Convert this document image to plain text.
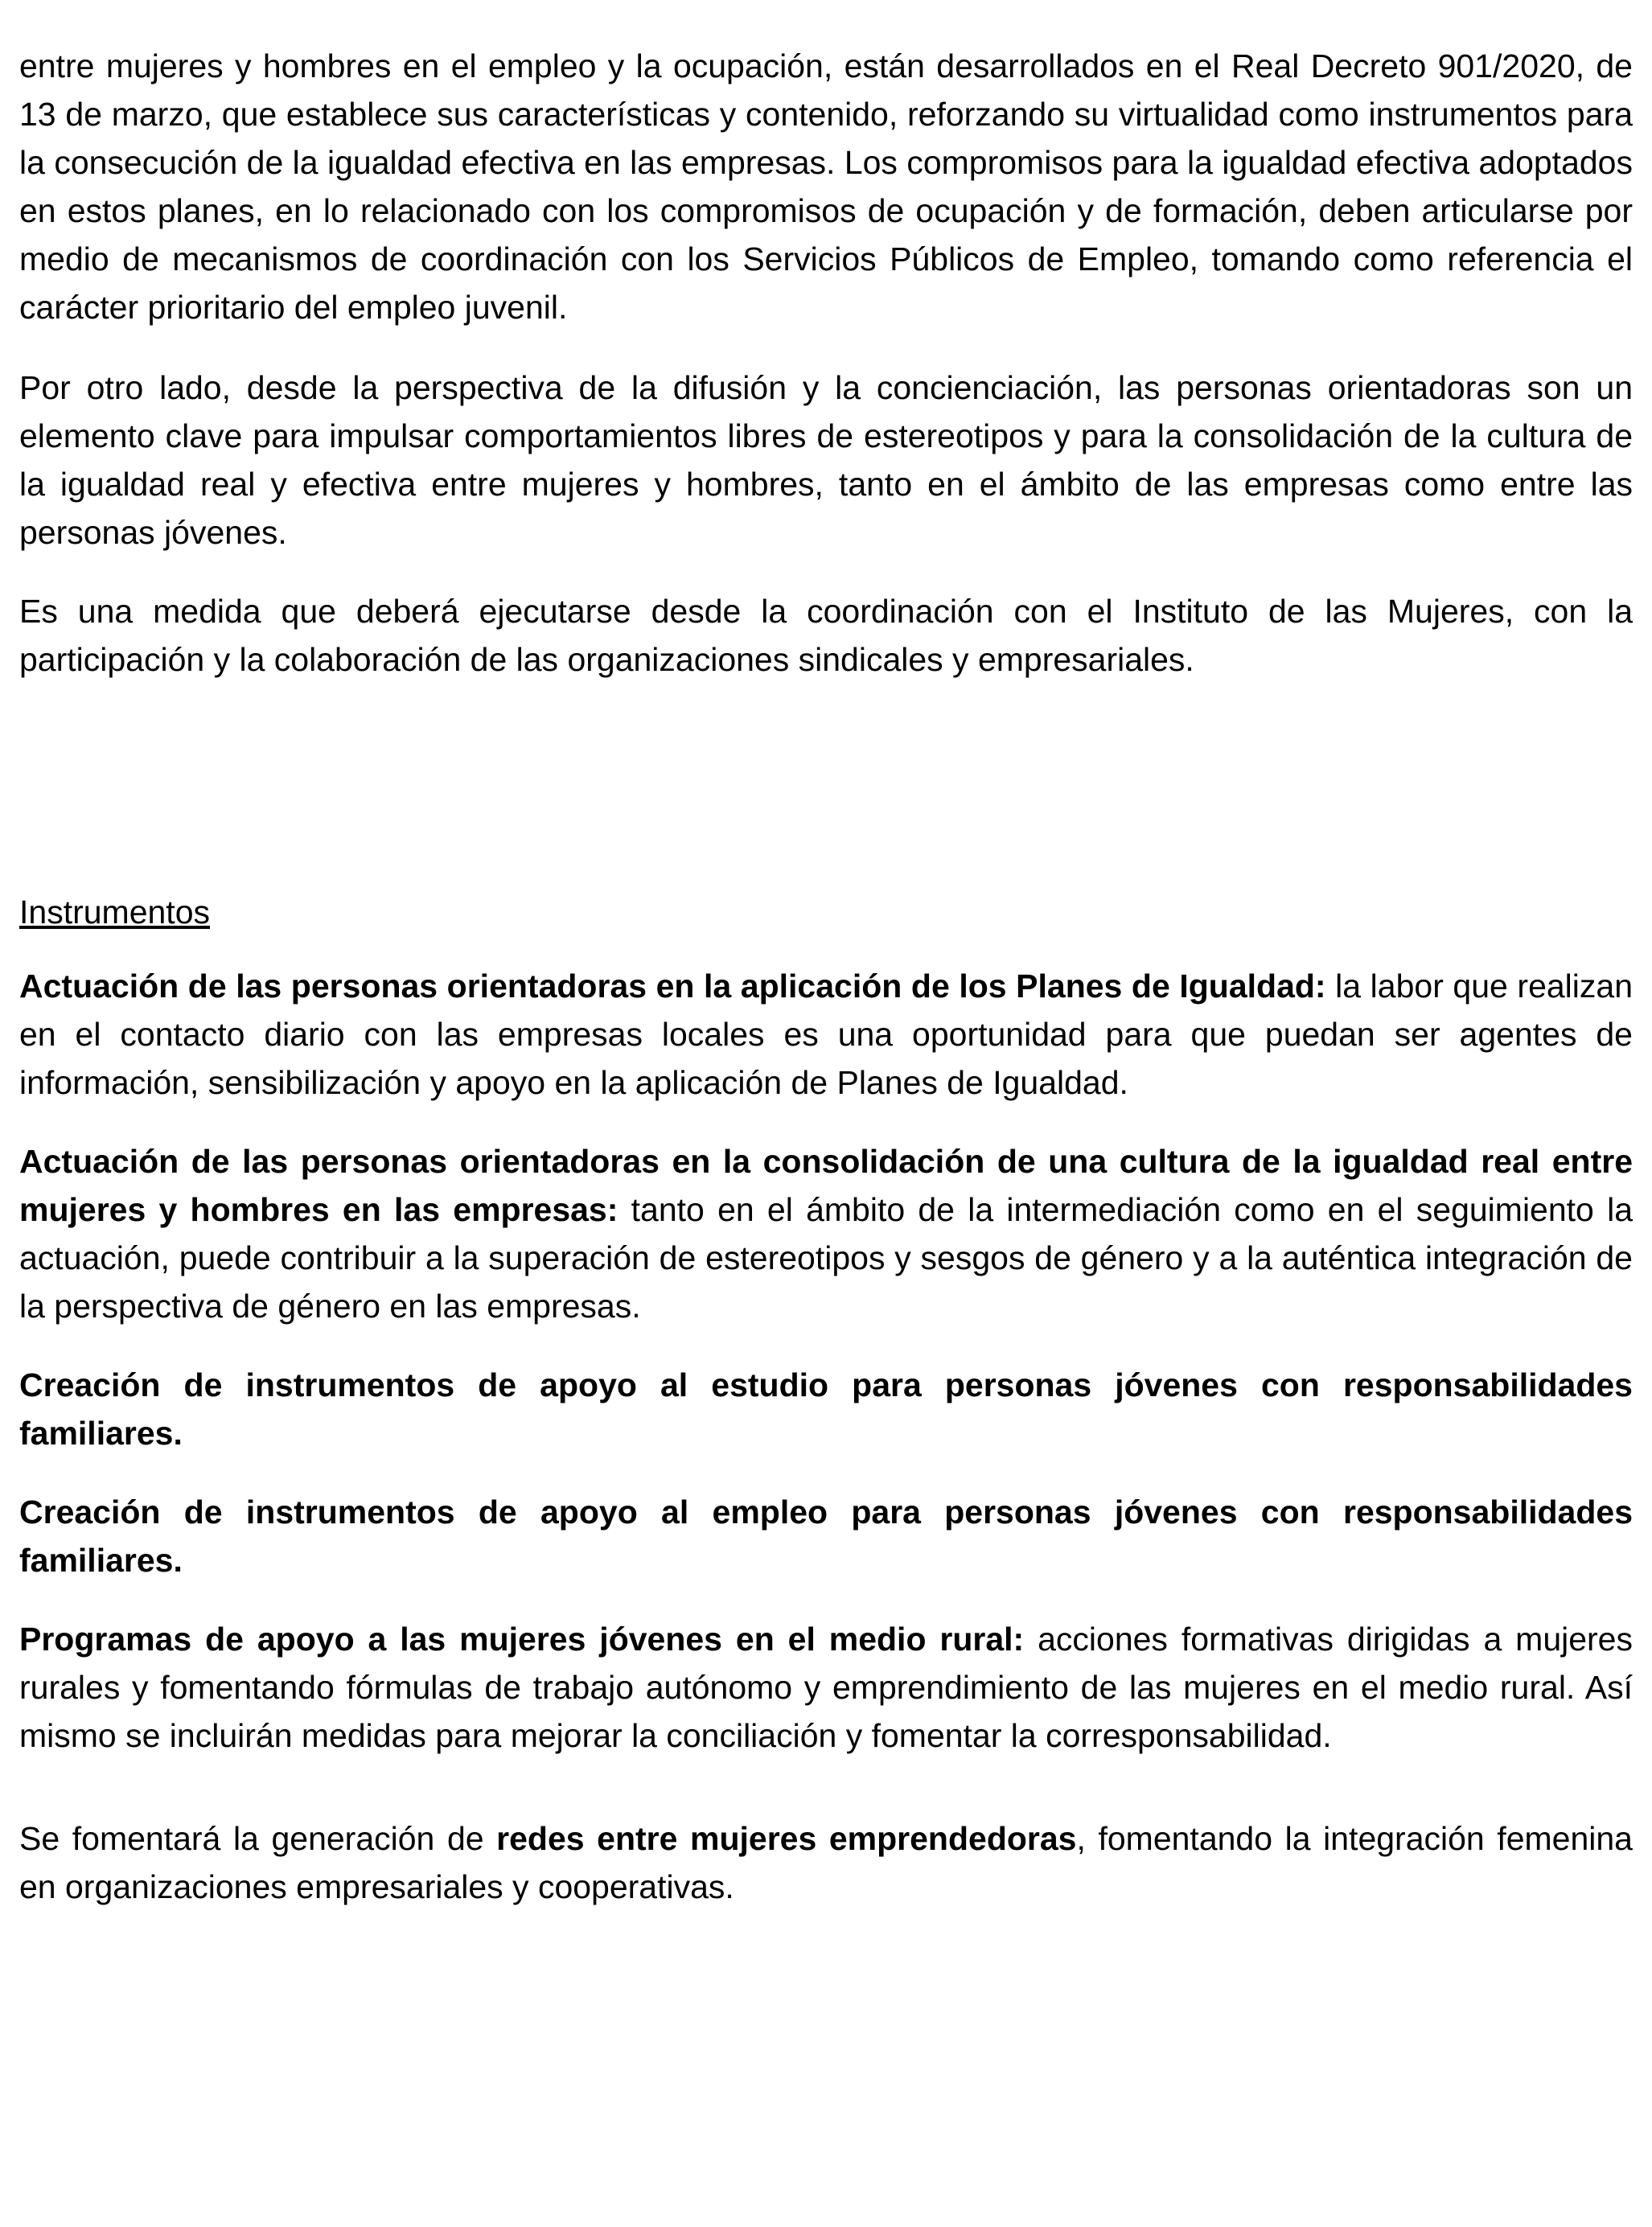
entre mujeres y hombres en el empleo y la ocupación, están desarrollados en el Real Decreto 901/2020, de 13 de marzo, que establece sus características y contenido, reforzando su virtualidad como instrumentos para la consecución de la igualdad efectiva en las empresas. Los compromisos para la igualdad efectiva adoptados en estos planes, en lo relacionado con los compromisos de ocupación y de formación, deben articularse por medio de mecanismos de coordinación con los Servicios Públicos de Empleo, tomando como referencia el carácter prioritario del empleo juvenil.

Por otro lado, desde la perspectiva de la difusión y la concienciación, las personas orientadoras son un elemento clave para impulsar comportamientos libres de estereotipos y para la consolidación de la cultura de la igualdad real y efectiva entre mujeres y hombres, tanto en el ámbito de las empresas como entre las personas jóvenes.

Es una medida que deberá ejecutarse desde la coordinación con el Instituto de las Mujeres, con la participación y la colaboración de las organizaciones sindicales y empresariales.

Instrumentos

Actuación de las personas orientadoras en la aplicación de los Planes de Igualdad: la labor que realizan en el contacto diario con las empresas locales es una oportunidad para que puedan ser agentes de información, sensibilización y apoyo en la aplicación de Planes de Igualdad.

Actuación de las personas orientadoras en la consolidación de una cultura de la igualdad real entre mujeres y hombres en las empresas: tanto en el ámbito de la intermediación como en el seguimiento la actuación, puede contribuir a la superación de estereotipos y sesgos de género y a la auténtica integración de la perspectiva de género en las empresas.

Creación de instrumentos de apoyo al estudio para personas jóvenes con responsabilidades familiares.

Creación de instrumentos de apoyo al empleo para personas jóvenes con responsabilidades familiares.

Programas de apoyo a las mujeres jóvenes en el medio rural: acciones formativas dirigidas a mujeres rurales y fomentando fórmulas de trabajo autónomo y emprendimiento de las mujeres en el medio rural. Así mismo se incluirán medidas para mejorar la conciliación y fomentar la corresponsabilidad.

Se fomentará la generación de redes entre mujeres emprendedoras, fomentando la integración femenina en organizaciones empresariales y cooperativas.
